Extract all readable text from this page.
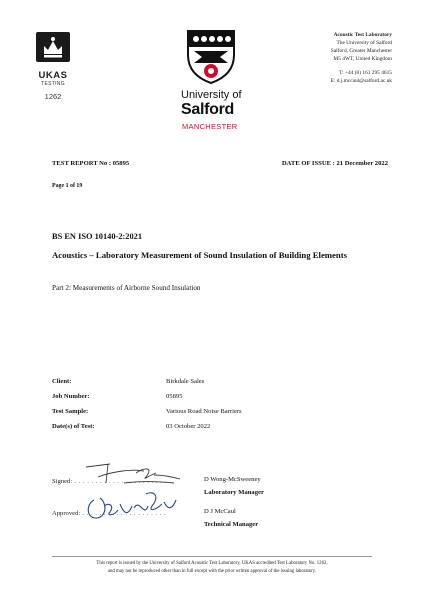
UKAS
TESTING
1262	University of
Salford
MANCHESTER
Acoustic Test Laboratory
The University of Salford
Salford, Greater Manchester
M5 4WT, United Kingdom
T: +44 (0) 161 295 4615
E: d.j.mccaul@salford.ac.uk
TEST REPORT No : 05895	DATE OF ISSUE : 21 December 2022
Page 1 of 19
BS EN ISO 10140-2:2021
Acoustics – Laboratory Measurement of Sound Insulation of Building Elements
Part 2: Measurements of Airborne Sound Insulation
Client:	Birkdale Sales
Job Number:	05895
Test Sample:	Various Road Noise Barriers
Date(s) of Test:	03 October 2022
Signed: . . . . . . . . . . . . . . . . . . . . . .	D Wong-McSweeney
Laboratory Manager
Approved: . . . . . . . . . . . . . . . . . . . .	D J McCaul
Technical Manager
This report is issued by the University of Salford Acoustic Test Laboratory, UKAS accredited Test Laboratory No. 1262,
and may not be reproduced other than in full except with the prior written approval of the issuing laboratory.
